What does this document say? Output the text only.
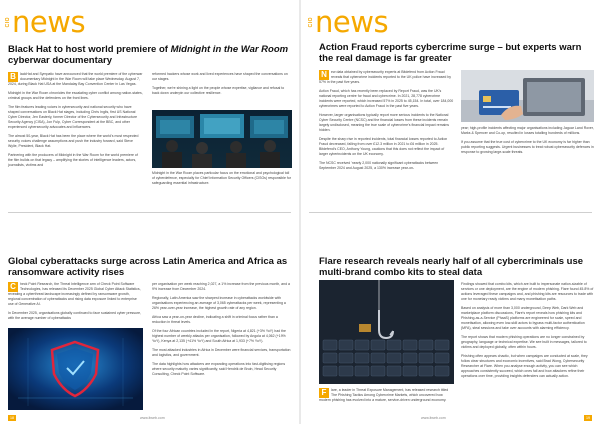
CIO news
Black Hat to host world premiere of Midnight in the War Room cyberwar documentary

B	lackHat and Sympatic have announced that the world premiere of the cyberwar documentary Midnight in the War Room will take place Wednesday, August 7, 2024, during Black Hat USA at the Mandalay Bay Convention Center in Las Vegas.

Midnight in the War Room chronicles the escalating cyber conflict among nation-states, criminal groups and the defenders on the front lines.

The film features leading voices in cybersecurity and national security who have shaped conversations on Black Hat stages, including Chris Inglis, first US National Cyber Director, Jen Easterly, former Director of the Cybersecurity and Infrastructure Security Agency (CISA), Jon Fulp, Cyber Correspondent at the BBC, and other experienced cybersecurity advocates and influencers.

The almost 50-year, Black Hat has been the place where the world's most respected security voices challenge assumptions and push the industry forward, said Steve Wylie, President, Black Hat.

Partnering with the producers of Midnight in the War Room for the world premiere of the film builds on that legacy – amplifying the stories of intelligence leaders, actors, journalists, victims and

reformed hackers whose work and lived experiences have shaped the conversations on our stages.

Together, we're shining a light on the people whose expertise, vigilance and refusal to back down underpin our collective resilience.

Midnight in the War Room places particular focus on the emotional and psychological toll of cyberdefence, especially for Chief Information Security Officers (CISOs) responsible for safeguarding essential infrastructure.

Global cyberattacks surge across Latin America and Africa as ransomware activity rises

C	heck Point Research, the Threat Intelligence arm of Check Point Software Technologies, has released its December 2025 Global Cyber Attack Statistics, revealing a cyberthreat landscape increasingly defined by ransomware growth, regional concentration of cyberattacks and rising data exposure linked to enterprise use of Generative AI.

In December 2025, organisations globally continued to face sustained cyber pressure, with the average number of cyberattacks

per organisation per week reaching 2,027, a 1% increase from the previous month, and a 9% increase from December 2024.

Regionally, Latin America saw the sharpest increase in cyberattacks worldwide with organisations experiencing an average of 3,065 cyberattacks per week, representing a 26% year-over-year increase, the highest growth rate of any region.

Africa saw a year-on-year decline, indicating a shift in criminal focus rather than a reduction in threat levels.

Of the four African countries included in the report, Nigeria at 4,821 (+3% YoY) had the highest number of weekly attacks per organisation, followed by Angola at 4,062 (+19% YoY), Kenya at 2,135 (+41% YoY) and South Africa at 1,933 (+7% YoY).

The most attacked industries in Africa in December were financial services, transportation and logistics, and government.

The data highlights how attackers are expanding operations into fast-digitising regions where security maturity varies significantly, said Hendrik de Bruin, Head Security Consulting, Check Point Software.

18	www.itweb.com
CIO news
Action Fraud reports cybercrime surge – but experts warn the real damage is far greater

N	ew data obtained by cybersecurity experts at Bitdefend from Action Fraud reveals that cybercrime incidents reported to the UK police have increased by 57% in the past five years.

Action Fraud, which has recently been replaced by Report Fraud, was the UK's national reporting centre for fraud and cybercrime. In 2021, 28,778 cybercrime incidents were reported, which increased 57% in 2025 to 45,154. In total, over 184,000 cybercrimes were reported to Action Fraud in the past five years.

However, larger organisations typically report more serious incidents to the National Cyber Security Centre (NCSC) and the financial losses from these incidents remain largely undisclosed, meaning the true scale of cybercrime's financial impact remains hidden.

Despite the sharp rise in reported incidents, total financial losses reported to Action Fraud decreased, falling from over £12.3 million in 2021 to £6 million in 2025. Bitdefend's CEO, Anthony Young, cautions that this does not reflect the impact of larger cyberincidents on the UK economy.

The NCSC received 'nearly 2,000 nationally significant cyberattacks between September 2024 and August 2025, a 130% increase year-on-

year; high-profile incidents affecting major organisations including Jaguar Land Rover, Marks & Spencer and Co-op, resulted in losses totalling hundreds of millions.

If you assume that the true cost of cybercrime to the UK economy is far higher than public reporting suggests. Urgent businesses to treat robust cybersecurity defences in response to growing large-scale threats.

Flare research reveals nearly half of all cybercriminals use multi-brand combo kits to steal data

F	lare, a leader in Threat Exposure Management, has released research titled The Phishing Tactics Among Cybercrime Markets, which uncovered how modern phishing has evolved into a mature, service-driven underground economy.

Findings showed that combo kits, which are built to impersonate nation-sizable of services or one deployment, are the engine of modern phishing. Flare found 45.8% of actions leveraged these campaigns and, and phishing kits are resources to trade with one for monetary ready victims and many monetisation paths.

Based on analysis of more than 3,000 underground, Deep Web, Dark Web and marketplace platform discussions, Flare's report reveals how phishing kits and Phishing-as-a-Service (PhaaS) platforms are engineered for scale, speed and monetisation, allowing even low-skill actors to bypass multi-factor authentication (MFA), steal sessions and take over accounts with alarming efficiency.

The report shows that modern phishing operations are no longer constrained by geography, language or technical expertise. We see built in messages, tailored to victims and deployed globally, often within hours.

Phishing often appears chaotic, but when campaigns are conducted at scale, they follow clear structures and economic incentives, said Brad Wong, Cybersecurity Researcher at Flare. When you analyse enough activity, you can see which approaches consistently succeed, which ones fail and how attackers refine their operations over time, providing insights defenders can actually action.

www.itweb.com	19
